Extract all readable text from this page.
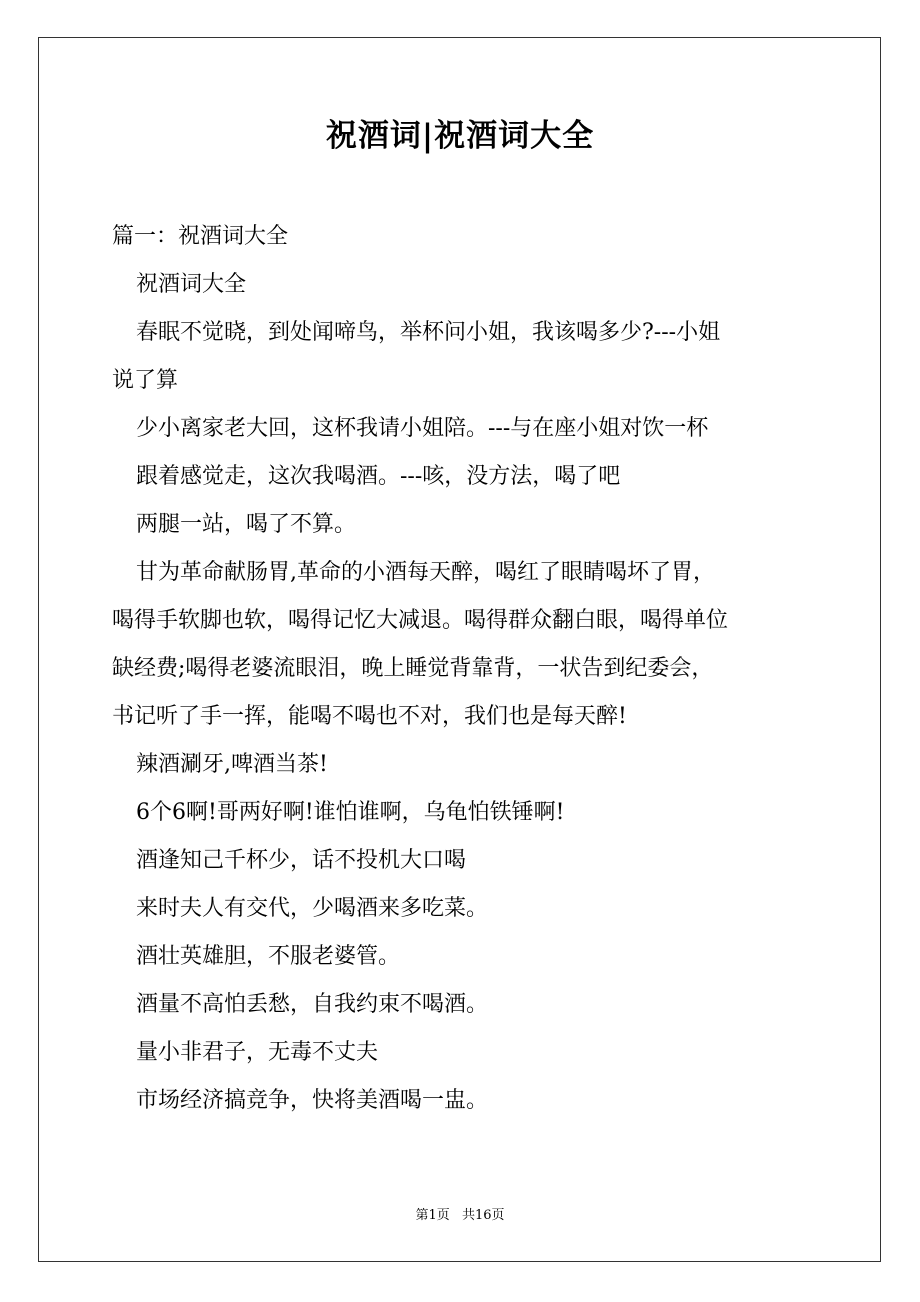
祝酒词|祝酒词大全
篇一：祝酒词大全
祝酒词大全
春眠不觉晓，到处闻啼鸟，举杯问小姐，我该喝多少?---小姐
说了算
少小离家老大回，这杯我请小姐陪。---与在座小姐对饮一杯
跟着感觉走，这次我喝酒。---咳，没方法，喝了吧
两腿一站，喝了不算。
甘为革命献肠胃,革命的小酒每天醉，喝红了眼睛喝坏了胃，
喝得手软脚也软，喝得记忆大减退。喝得群众翻白眼，喝得单位
缺经费;喝得老婆流眼泪，晚上睡觉背靠背，一状告到纪委会，
书记听了手一挥，能喝不喝也不对，我们也是每天醉!
辣酒涮牙,啤酒当茶!
6个6啊!哥两好啊!谁怕谁啊，乌龟怕铁锤啊!
酒逢知己千杯少，话不投机大口喝
来时夫人有交代，少喝酒来多吃菜。
酒壮英雄胆，不服老婆管。
酒量不高怕丢愁，自我约束不喝酒。
量小非君子，无毒不丈夫
市场经济搞竞争，快将美酒喝一盅。
第1页 共16页
